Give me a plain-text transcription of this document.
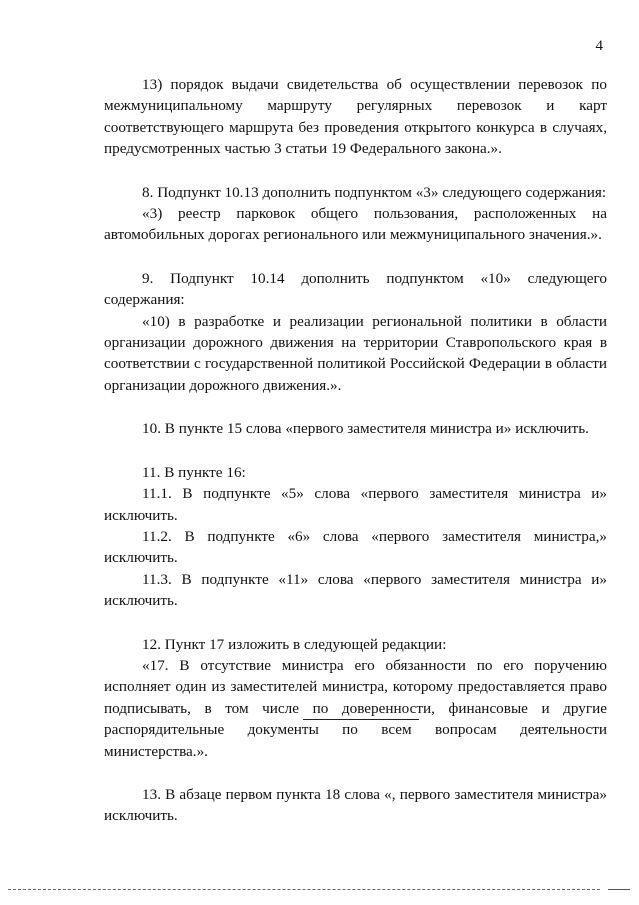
4

13) порядок выдачи свидетельства об осуществлении перевозок по межмуниципальному маршруту регулярных перевозок и карт соответствующего маршрута без проведения открытого конкурса в случаях, предусмотренных частью 3 статьи 19 Федерального закона.».

8. Подпункт 10.13 дополнить подпунктом «3» следующего содержания:

«3) реестр парковок общего пользования, расположенных на автомобильных дорогах регионального или межмуниципального значения.».

9. Подпункт 10.14 дополнить подпунктом «10» следующего содержания:

«10) в разработке и реализации региональной политики в области организации дорожного движения на территории Ставропольского края в соответствии с государственной политикой Российской Федерации в области организации дорожного движения.».

10. В пункте 15 слова «первого заместителя министра и» исключить.

11. В пункте 16:

11.1. В подпункте «5» слова «первого заместителя министра и» исключить.

11.2. В подпункте «6» слова «первого заместителя министра,» исключить.

11.3. В подпункте «11» слова «первого заместителя министра и» исключить.

12. Пункт 17 изложить в следующей редакции:

«17. В отсутствие министра его обязанности по его поручению исполняет один из заместителей министра, которому предоставляется право подписывать, в том числе по доверенности, финансовые и другие распорядительные документы по всем вопросам деятельности министерства.».

13. В абзаце первом пункта 18 слова «, первого заместителя министра» исключить.
